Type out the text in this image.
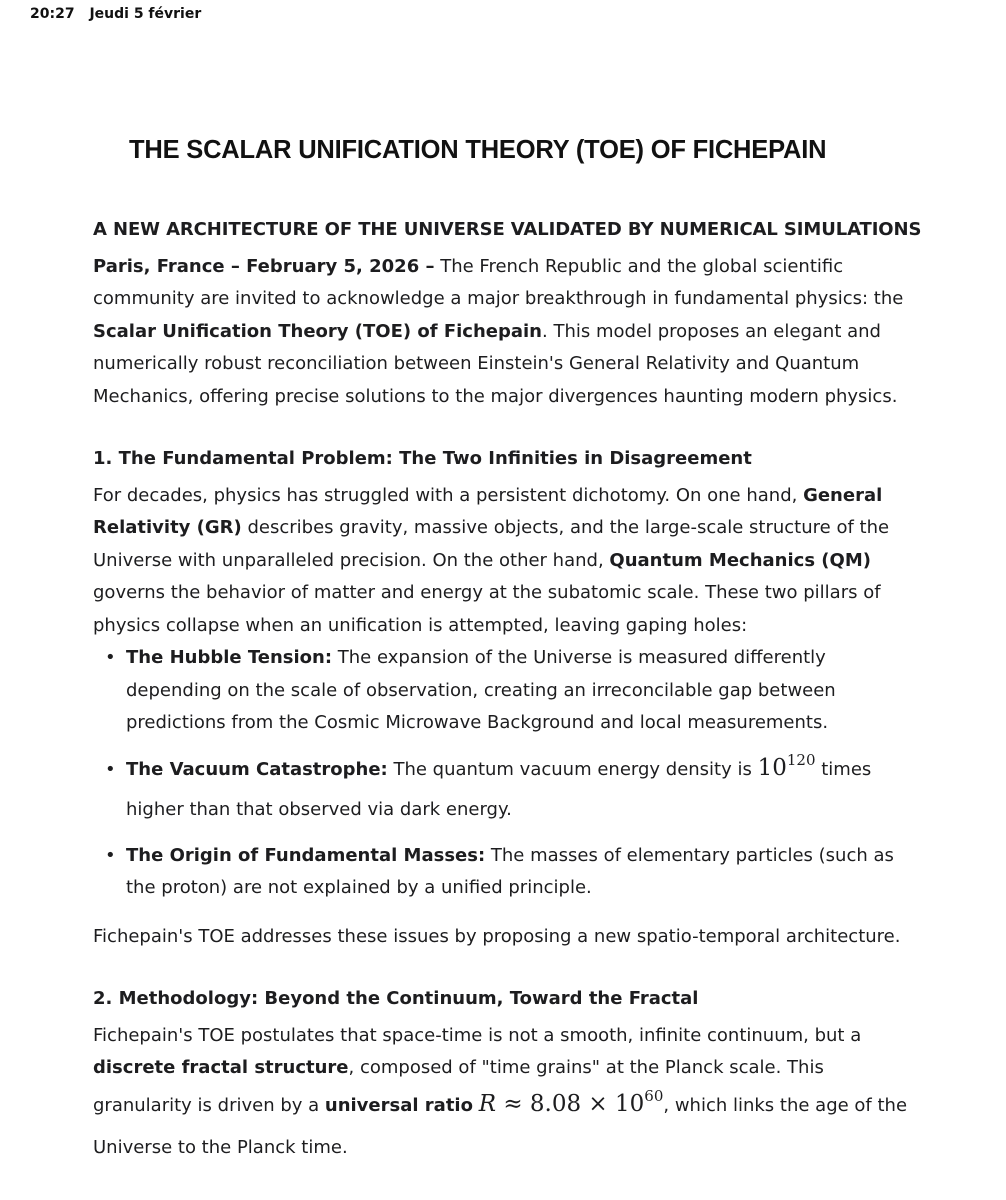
20:27 Jeudi 5 février
THE SCALAR UNIFICATION THEORY (TOE) OF FICHEPAIN
A NEW ARCHITECTURE OF THE UNIVERSE VALIDATED BY NUMERICAL SIMULATIONS

Paris, France – February 5, 2026 – The French Republic and the global scientific community are invited to acknowledge a major breakthrough in fundamental physics: the Scalar Unification Theory (TOE) of Fichepain. This model proposes an elegant and numerically robust reconciliation between Einstein's General Relativity and Quantum Mechanics, offering precise solutions to the major divergences haunting modern physics.

1. The Fundamental Problem: The Two Infinities in Disagreement

For decades, physics has struggled with a persistent dichotomy. On one hand, General Relativity (GR) describes gravity, massive objects, and the large-scale structure of the Universe with unparalleled precision. On the other hand, Quantum Mechanics (QM) governs the behavior of matter and energy at the subatomic scale. These two pillars of physics collapse when an unification is attempted, leaving gaping holes:

• The Hubble Tension: The expansion of the Universe is measured differently depending on the scale of observation, creating an irreconcilable gap between predictions from the Cosmic Microwave Background and local measurements.
• The Vacuum Catastrophe: The quantum vacuum energy density is $10^{120}$ times higher than that observed via dark energy.
• The Origin of Fundamental Masses: The masses of elementary particles (such as the proton) are not explained by a unified principle.

Fichepain's TOE addresses these issues by proposing a new spatio-temporal architecture.

2. Methodology: Beyond the Continuum, Toward the Fractal

Fichepain's TOE postulates that space-time is not a smooth, infinite continuum, but a discrete fractal structure, composed of "time grains" at the Planck scale. This granularity is driven by a universal ratio $R \approx 8.08 \times 10^{60}$, which links the age of the Universe to the Planck time.
